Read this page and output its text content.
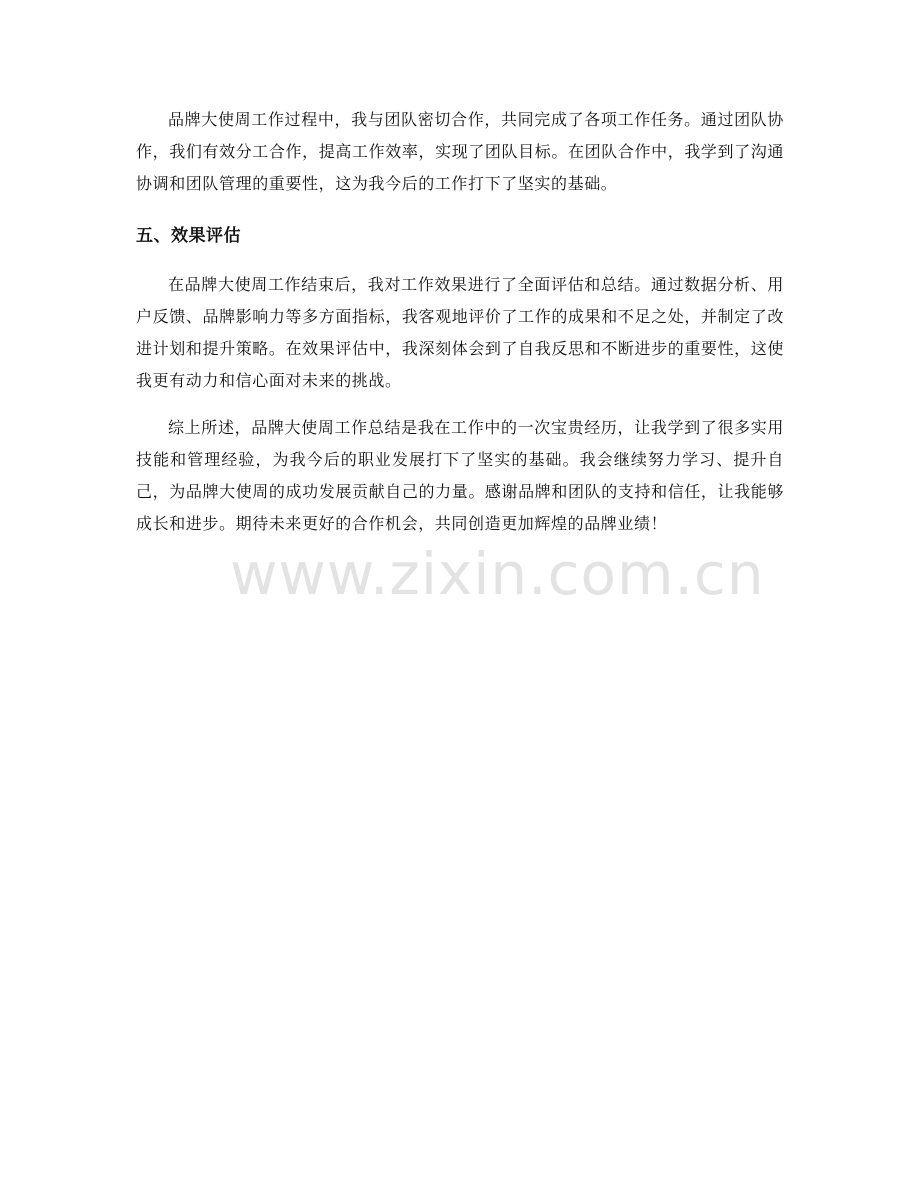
品牌大使周工作过程中，我与团队密切合作，共同完成了各项工作任务。通过团队协作，我们有效分工合作，提高工作效率，实现了团队目标。在团队合作中，我学到了沟通协调和团队管理的重要性，这为我今后的工作打下了坚实的基础。

五、效果评估

在品牌大使周工作结束后，我对工作效果进行了全面评估和总结。通过数据分析、用户反馈、品牌影响力等多方面指标，我客观地评价了工作的成果和不足之处，并制定了改进计划和提升策略。在效果评估中，我深刻体会到了自我反思和不断进步的重要性，这使我更有动力和信心面对未来的挑战。

综上所述，品牌大使周工作总结是我在工作中的一次宝贵经历，让我学到了很多实用技能和管理经验，为我今后的职业发展打下了坚实的基础。我会继续努力学习、提升自己，为品牌大使周的成功发展贡献自己的力量。感谢品牌和团队的支持和信任，让我能够成长和进步。期待未来更好的合作机会，共同创造更加辉煌的品牌业绩！

www.zixin.com.cn
